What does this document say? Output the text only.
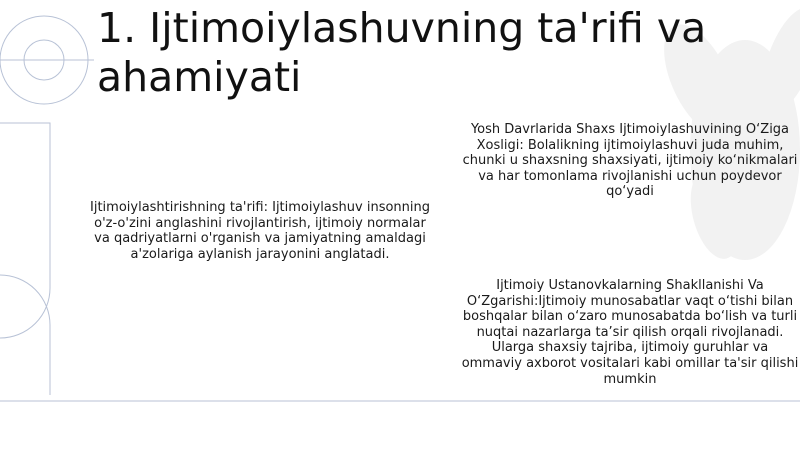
1. Ijtimoiylashuvning ta'rifi va ahamiyati

Ijtimoiylashtirishning ta'rifi: Ijtimoiylashuv insonning o'z-o'zini anglashini rivojlantirish, ijtimoiy normalar va qadriyatlarni o'rganish va jamiyatning amaldagi a'zolariga aylanish jarayonini anglatadi.

Yosh Davrlarida Shaxs Ijtimoiylashuvining O‘Ziga Xosligi: Bolalikning ijtimoiylashuvi juda muhim, chunki u shaxsning shaxsiyati, ijtimoiy ko‘nikmalari va har tomonlama rivojlanishi uchun poydevor qo‘yadi

Ijtimoiy Ustanovkalarning Shakllanishi Va O‘Zgarishi:Ijtimoiy munosabatlar vaqt o‘tishi bilan boshqalar bilan o‘zaro munosabatda bo‘lish va turli nuqtai nazarlarga ta’sir qilish orqali rivojlanadi. Ularga shaxsiy tajriba, ijtimoiy guruhlar va ommaviy axborot vositalari kabi omillar ta'sir qilishi mumkin
